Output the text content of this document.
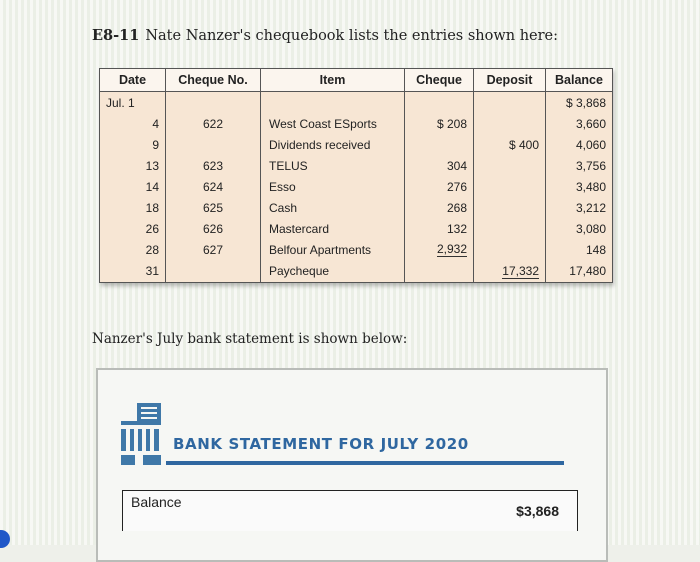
E8-11 Nate Nanzer's chequebook lists the entries shown here:
Date	Cheque No.	Item	Cheque	Deposit	Balance
Jul. 1					$ 3,868
4	622	West Coast ESports	$ 208		3,660
9		Dividends received		$ 400	4,060
13	623	TELUS	304		3,756
14	624	Esso	276		3,480
18	625	Cash	268		3,212
26	626	Mastercard	132		3,080
28	627	Belfour Apartments	2,932		148
31		Paycheque		17,332	17,480
Nanzer's July bank statement is shown below:
BANK STATEMENT FOR JULY 2020
Balance
$3,868
